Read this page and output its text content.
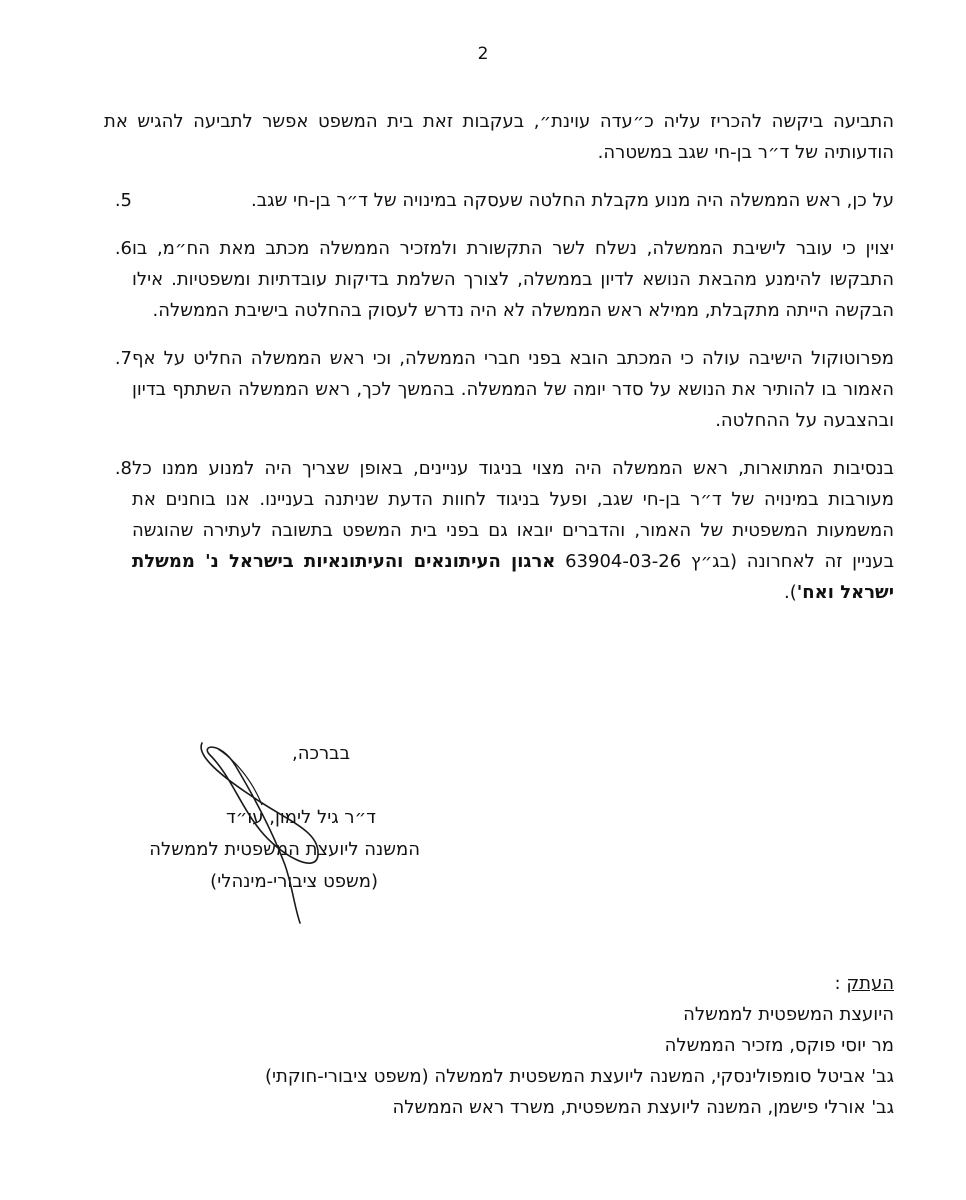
2

התביעה ביקשה להכריז עליה כ״עדה עוינת״, בעקבות זאת בית המשפט אפשר לתביעה להגיש את הודעותיה של ד״ר בן-חי שגב במשטרה.

על כן, ראש הממשלה היה מנוע מקבלת החלטה שעסקה במינויה של ד״ר בן-חי שגב.
5.
יצוין כי עובר לישיבת הממשלה, נשלח לשר התקשורת ולמזכיר הממשלה מכתב מאת הח״מ, בו התבקשו להימנע מהבאת הנושא לדיון בממשלה, לצורך השלמת בדיקות עובדתיות ומשפטיות. אילו הבקשה הייתה מתקבלת, ממילא ראש הממשלה לא היה נדרש לעסוק בהחלטה בישיבת הממשלה.
6.
מפרוטוקול הישיבה עולה כי המכתב הובא בפני חברי הממשלה, וכי ראש הממשלה החליט על אף האמור בו להותיר את הנושא על סדר יומה של הממשלה. בהמשך לכך, ראש הממשלה השתתף בדיון ובהצבעה על ההחלטה.
7.
בנסיבות המתוארות, ראש הממשלה היה מצוי בניגוד עניינים, באופן שצריך היה למנוע ממנו כל מעורבות במינויה של ד״ר בן-חי שגב, ופעל בניגוד לחוות הדעת שניתנה בעניינו. אנו בוחנים את המשמעות המשפטית של האמור, והדברים יובאו גם בפני בית המשפט בתשובה לעתירה שהוגשה בעניין זה לאחרונה (בג״ץ 63904-03-26 ארגון העיתונאים והעיתונאיות בישראל נ' ממשלת ישראל ואח').
8.
בברכה,
ד״ר גיל לימון, עו״ד
המשנה ליועצת המשפטית לממשלה
(משפט ציבורי-מינהלי)
העתק :
היועצת המשפטית לממשלה
מר יוסי פוקס, מזכיר הממשלה
גב' אביטל סומפולינסקי, המשנה ליועצת המשפטית לממשלה (משפט ציבורי-חוקתי)
גב' אורלי פישמן, המשנה ליועצת המשפטית, משרד ראש הממשלה
